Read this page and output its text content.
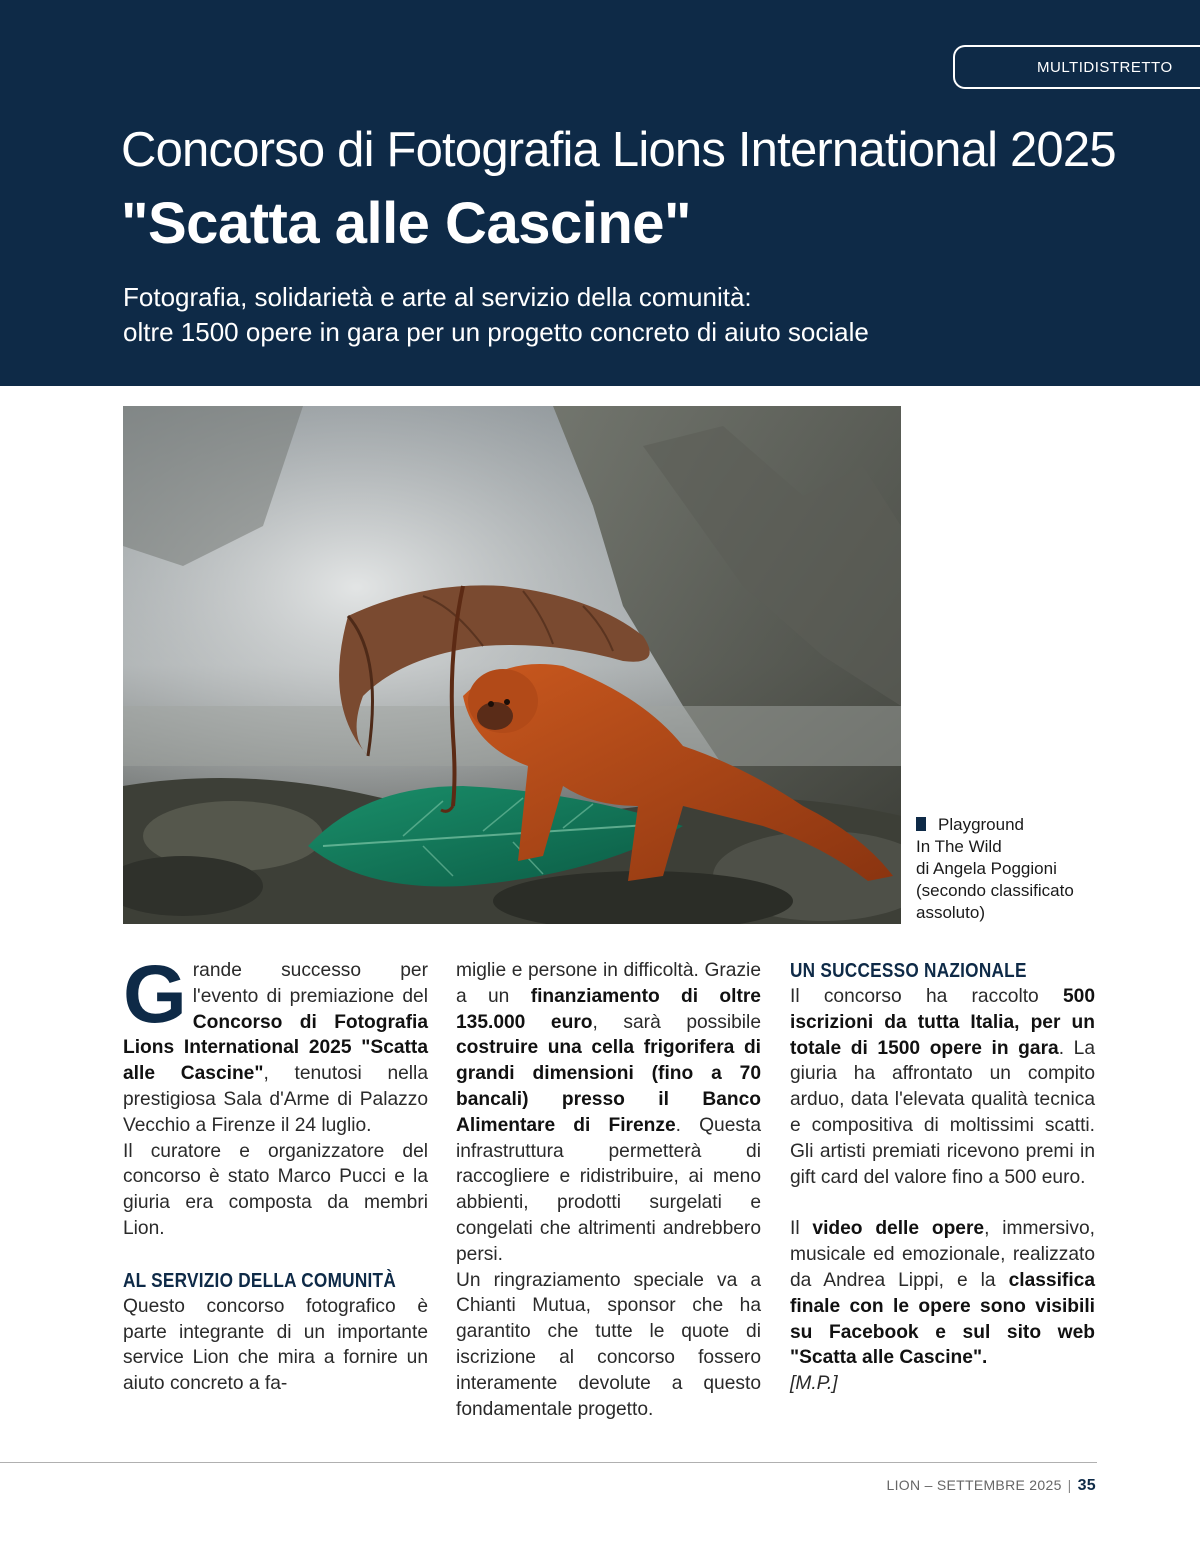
MULTIDISTRETTO
Concorso di Fotografia Lions International 2025
"Scatta alle Cascine"
Fotografia, solidarietà e arte al servizio della comunità:
oltre 1500 opere in gara per un progetto concreto di aiuto sociale
Playground
In The Wild
di Angela Poggioni
(secondo classificato
assoluto)

Grande successo per l'evento di premiazione del Concorso di Fotografia Lions International 2025 "Scatta alle Cascine", tenutosi nella prestigiosa Sala d'Arme di Palazzo Vecchio a Firenze il 24 luglio.

Il curatore e organizzatore del concorso è stato Marco Pucci e la giuria era composta da membri Lion.

AL SERVIZIO DELLA COMUNITÀ

Questo concorso fotografico è parte integrante di un importante service Lion che mira a fornire un aiuto concreto a fa-

miglie e persone in difficoltà. Grazie a un finanziamento di oltre 135.000 euro, sarà possibile costruire una cella frigorifera di grandi dimensioni (fino a 70 bancali) presso il Banco Alimentare di Firenze. Questa infrastruttura permetterà di raccogliere e ridistribuire, ai meno abbienti, prodotti surgelati e congelati che altrimenti andrebbero persi.

Un ringraziamento speciale va a Chianti Mutua, sponsor che ha garantito che tutte le quote di iscrizione al concorso fossero interamente devolute a questo fondamentale progetto.

UN SUCCESSO NAZIONALE

Il concorso ha raccolto 500 iscrizioni da tutta Italia, per un totale di 1500 opere in gara. La giuria ha affrontato un compito arduo, data l'elevata qualità tecnica e compositiva di moltissimi scatti. Gli artisti premiati ricevono premi in gift card del valore fino a 500 euro.

Il video delle opere, immersivo, musicale ed emozionale, realizzato da Andrea Lippi, e la classifica finale con le opere sono visibili su Facebook e sul sito web "Scatta alle Cascine".

[M.P.]

LION – SETTEMBRE 2025 | 35
